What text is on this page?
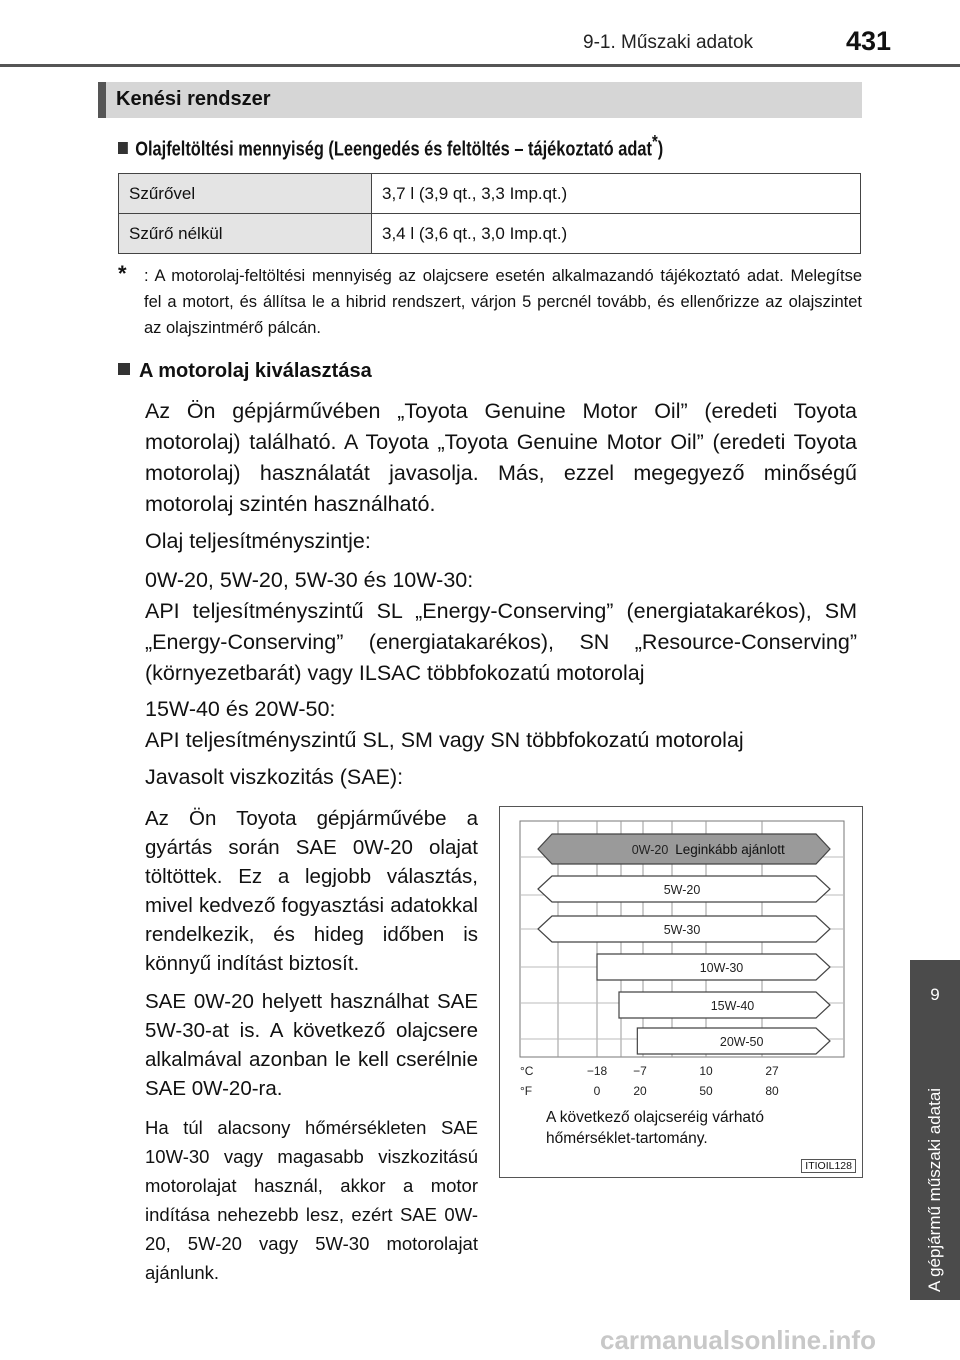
9-1. Műszaki adatok	431
Kenési rendszer
Olajfeltöltési mennyiség (Leengedés és feltöltés – tájékoztató adat*)
Szűrővel	3,7 l (3,9 qt., 3,3 Imp.qt.)
Szűrő nélkül	3,4 l (3,6 qt., 3,0 Imp.qt.)
*	: A motorolaj-feltöltési mennyiség az olajcsere esetén alkalmazandó tájékoztató adat. Melegítse fel a motort, és állítsa le a hibrid rendszert, várjon 5 percnél tovább, és ellenőrizze az olajszintet az olajszintmérő pálcán.
A motorolaj kiválasztása
Az Ön gépjárművében „Toyota Genuine Motor Oil” (eredeti Toyota motorolaj) található. A Toyota „Toyota Genuine Motor Oil” (eredeti Toyota motorolaj) használatát javasolja. Más, ezzel megegyező minőségű motorolaj szintén használható.
Olaj teljesítményszintje:
0W-20, 5W-20, 5W-30 és 10W-30:
API teljesítményszintű SL „Energy-Conserving” (energiatakarékos), SM „Energy-Conserving” (energiatakarékos), SN „Resource-Conserving” (környezetbarát) vagy ILSAC többfokozatú motorolaj
15W-40 és 20W-50:
API teljesítményszintű SL, SM vagy SN többfokozatú motorolaj
Javasolt viszkozitás (SAE):
Az Ön Toyota gépjárművébe a gyártás során SAE 0W-20 olajat töltöttek. Ez a legjobb választás, mivel kedvező fogyasztási adatokkal rendelkezik, és hideg időben is könnyű indítást biztosít.
SAE 0W-20 helyett használhat SAE 5W-30-at is. A következő olajcsere alkalmával azonban le kell cserélnie SAE 0W-20-ra.
Ha túl alacsony hőmérsékleten SAE 10W-30 vagy magasabb viszkozitású motorolajat használ, akkor a motor indítása nehezebb lesz, ezért SAE 0W-20, 5W-20 vagy 5W-30 motorolajat ajánlunk.
0W-20 Leginkább ajánlott
5W-20
5W-30
10W-30
15W-40
20W-50
°C
°F
−18 −7	10	27
0	20	50	80
A következő olajcseréig várható hőmérséklet-tartomány.
ITIOIL128
9
A gépjármű műszaki adatai
carmanualsonline.info
